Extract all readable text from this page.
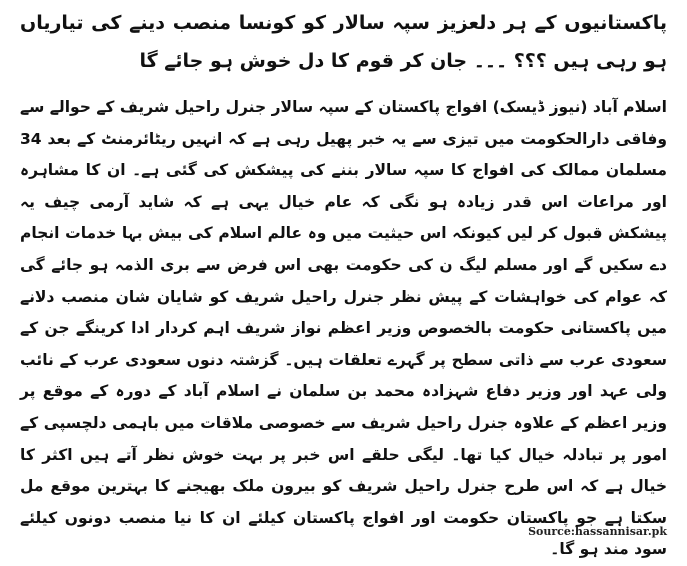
پاکستانیوں کے ہر دلعزیز سپہ سالار کو کونسا منصب دینے کی تیاریاں ہو رہی ہیں ؟؟؟ ۔۔۔ جان کر قوم کا دل خوش ہو جائے گا

اسلام آباد (نیوز ڈیسک) افواج پاکستان کے سپہ سالار جنرل راحیل شریف کے حوالے سے وفاقی دارالحکومت میں تیزی سے یہ خبر پھیل رہی ہے کہ انہیں ریٹائرمنٹ کے بعد 34 مسلمان ممالک کی افواج کا سپہ سالار بننے کی پیشکش کی گئی ہے۔ ان کا مشاہرہ اور مراعات اس قدر زیادہ ہو نگی کہ عام خیال یہی ہے کہ شاید آرمی چیف یہ پیشکش قبول کر لیں کیونکہ اس حیثیت میں وہ عالم اسلام کی بیش بہا خدمات انجام دے سکیں گے اور مسلم لیگ ن کی حکومت بھی اس فرض سے بری الذمہ ہو جائے گی کہ عوام کی خواہشات کے پیش نظر جنرل راحیل شریف کو شایان شان منصب دلانے میں پاکستانی حکومت بالخصوص وزیر اعظم نواز شریف اہم کردار ادا کرینگے جن کے سعودی عرب سے ذاتی سطح پر گہرے تعلقات ہیں۔ گزشتہ دنوں سعودی عرب کے نائب ولی عہد اور وزیر دفاع شہزادہ محمد بن سلمان نے اسلام آباد کے دورہ کے موقع پر وزیر اعظم کے علاوہ جنرل راحیل شریف سے خصوصی ملاقات میں باہمی دلچسپی کے امور پر تبادلہ خیال کیا تھا۔ لیگی حلقے اس خبر پر بہت خوش نظر آتے ہیں اکثر کا خیال ہے کہ اس طرح جنرل راحیل شریف کو بیرون ملک بھیجنے کا بہترین موقع مل سکتا ہے جو پاکستان حکومت اور افواج پاکستان کیلئے ان کا نیا منصب دونوں کیلئے سود مند ہو گا۔

Source:hassannisar.pk
